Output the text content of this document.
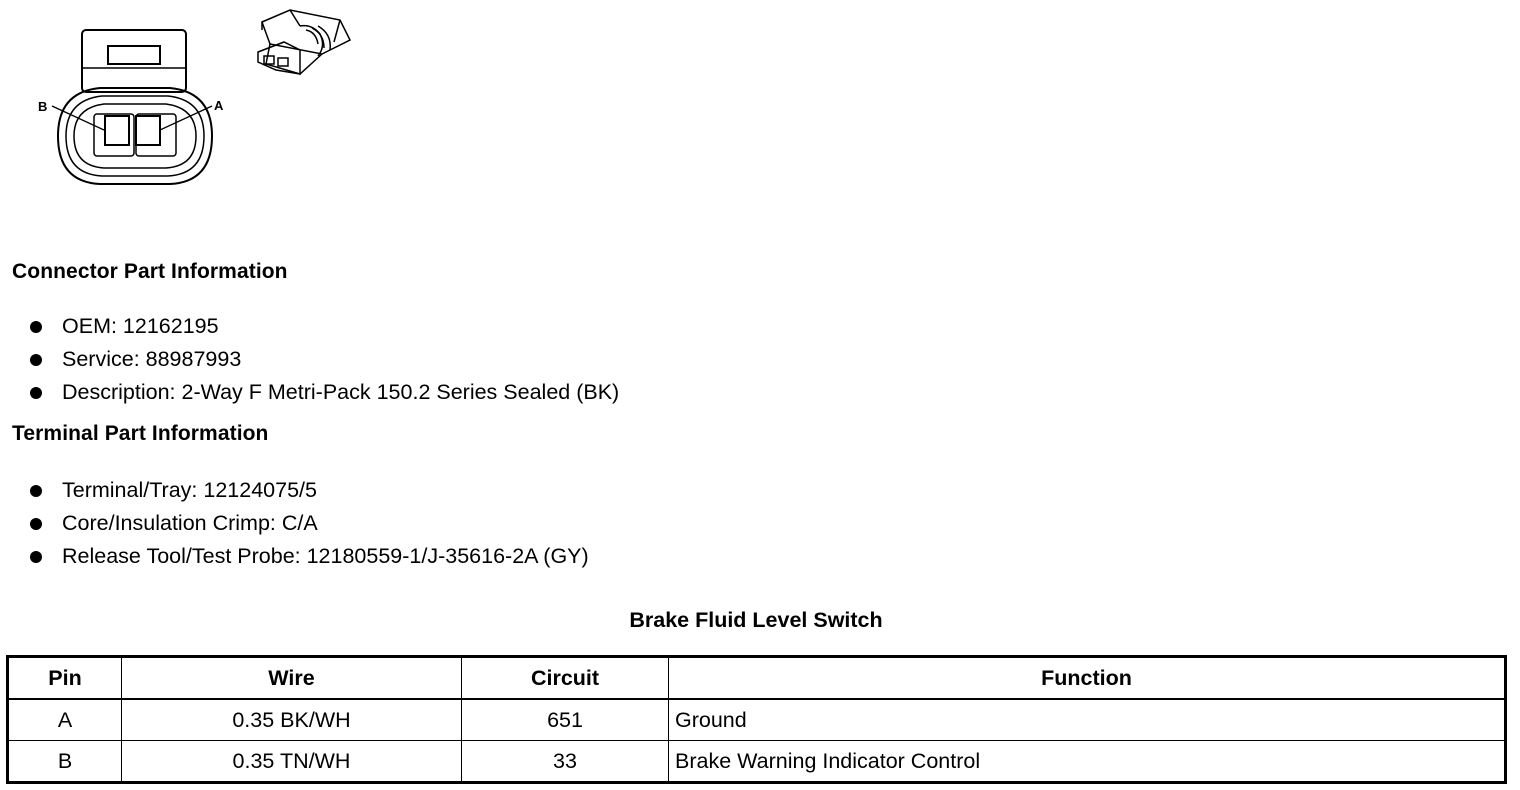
B	A
Connector Part Information
OEM: 12162195
Service: 88987993
Description: 2-Way F Metri-Pack 150.2 Series Sealed (BK)
Terminal Part Information
Terminal/Tray: 12124075/5
Core/Insulation Crimp: C/A
Release Tool/Test Probe: 12180559-1/J-35616-2A (GY)
Brake Fluid Level Switch
Pin	Wire	Circuit	Function
A	0.35 BK/WH	651	Ground
B	0.35 TN/WH	33	Brake Warning Indicator Control
